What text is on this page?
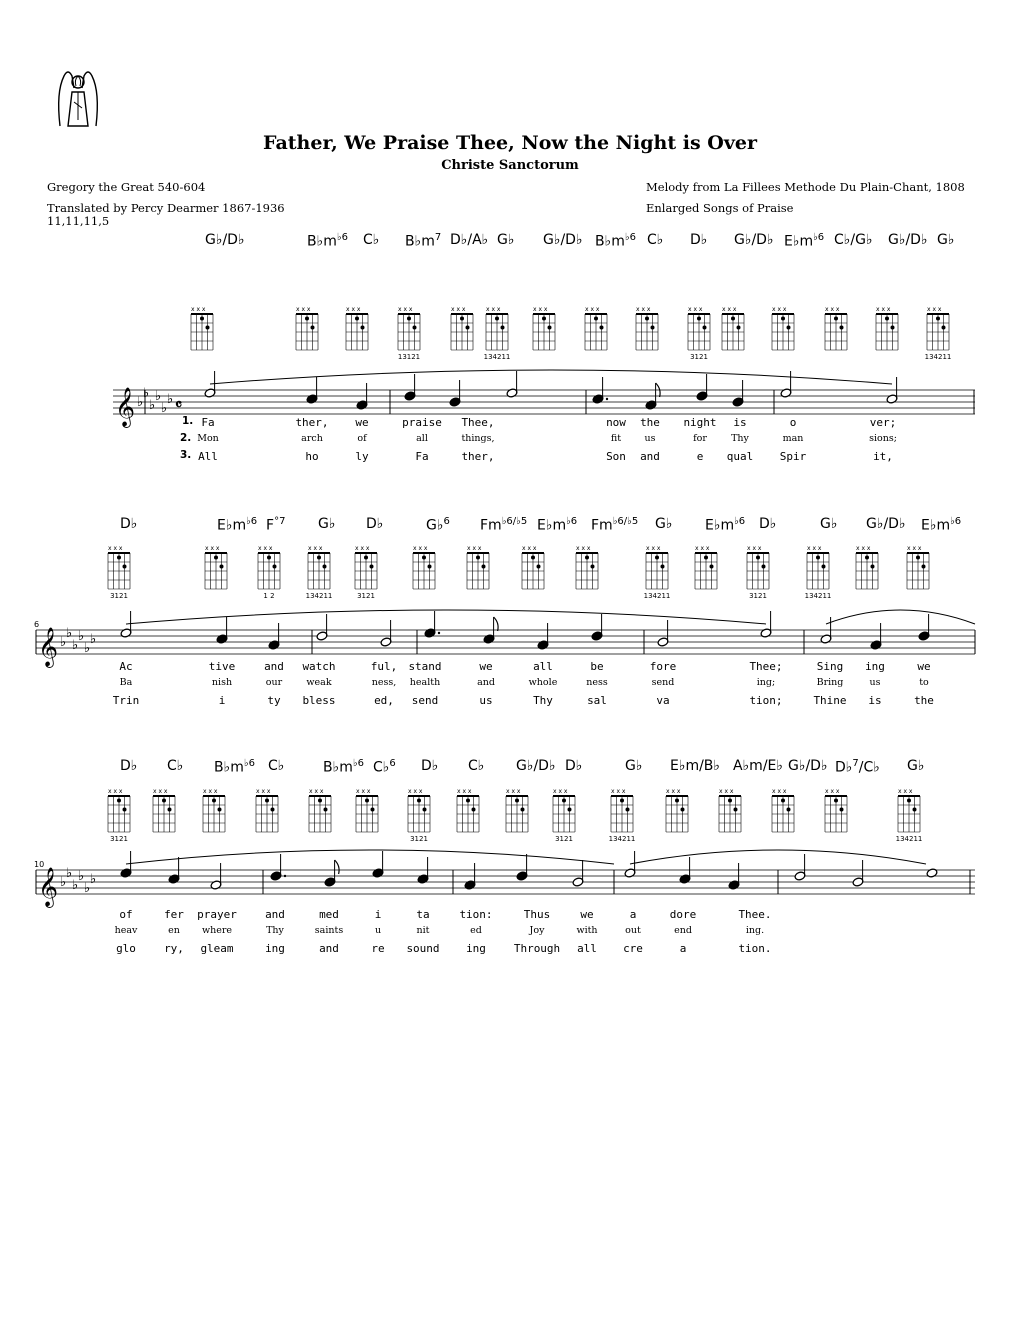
Father, We Praise Thee, Now the Night is Over
Christe Sanctorum
Gregory the Great 540-604
Translated by Percy Dearmer 1867-1936
11,11,11,5
Melody from La Fillees Methode Du Plain-Chant, 1808
Enlarged Songs of Praise
x x x	x x x	x x x
13121
x x x	x x x
134211
x x x	x x x	x x x	x x x
3121
x x x	x x x	x x x	x x x	x x x
134211
x x x
𝄞 ♭
♭
♭
♭
♭
♭ 𝄴
3121
x x x	x x x
1 2
x x x
134211
x x x
3121
x x x	x x x	x x x	x x x	x x x
134211
x x x	x x x
3121
x x x
134211
x x x	x x x	x x x
𝄞 ♭
♭
♭
♭
♭
♭
6
3121
x x x	x x x	x x x	x x x	x x x	x x x
3121
x x x	x x x	x x x
3121
x x x
134211
x x x	x x x	x x x	x x x	x x x
134211
x x x
𝄞 ♭
♭
♭
♭
♭
♭
10
G♭/D♭	$B♭m^{♭6}$ C♭ $B♭m^7$ D♭/A♭ G♭ G♭/D♭ $B♭m^{♭6}$ C♭ D♭ G♭/D♭ $E♭m^{♭6}$ C♭/G♭ G♭/D♭ G♭
1. Fa	ther, we	praise Thee,	now the night is	o	ver;
2. Mon	arch	of	all	things,	fit us	for	Thy	man	sions;
3. All	ho	ly	Fa	ther,	Son and	e qual Spir	it,
D♭	$E♭m^{♭6}$ $F^{^\circ 7}$ G♭ D♭	G♭$^6$ $Fm^{♭6/♭5}$ $E♭m^{♭6}$ $Fm^{♭6/♭5}$ G♭ $E♭m^{♭6}$ D♭	G♭ G♭/D♭ $E♭m^{♭6}$
Ac	tive	and watch	ful, stand	we	all	be	fore	Thee;	Sing ing	we
Ba	nish	our	weak	ness, health	and	whole	ness	send	ing;	Bring	us	to
Trin	i	ty bless	ed, send	us	Thy	sal	va	tion;	Thine is	the
D♭ C♭ $B♭m^{♭6}$ C♭	$B♭m^{♭6}$ C♭$^6$ D♭ C♭ G♭/D♭ D♭	G♭ E♭m/B♭ A♭m/E♭ G♭/D♭ D♭$^7$/C♭ G♭
of	fer prayer	and	med	i	ta	tion:	Thus	we	a	dore	Thee.
heav	en where	Thy	saints	u	nit	ed	Joy	with	out	end	ing.
glo	ry, gleam	ing	and	re sound ing	Through all cre	a	tion.
